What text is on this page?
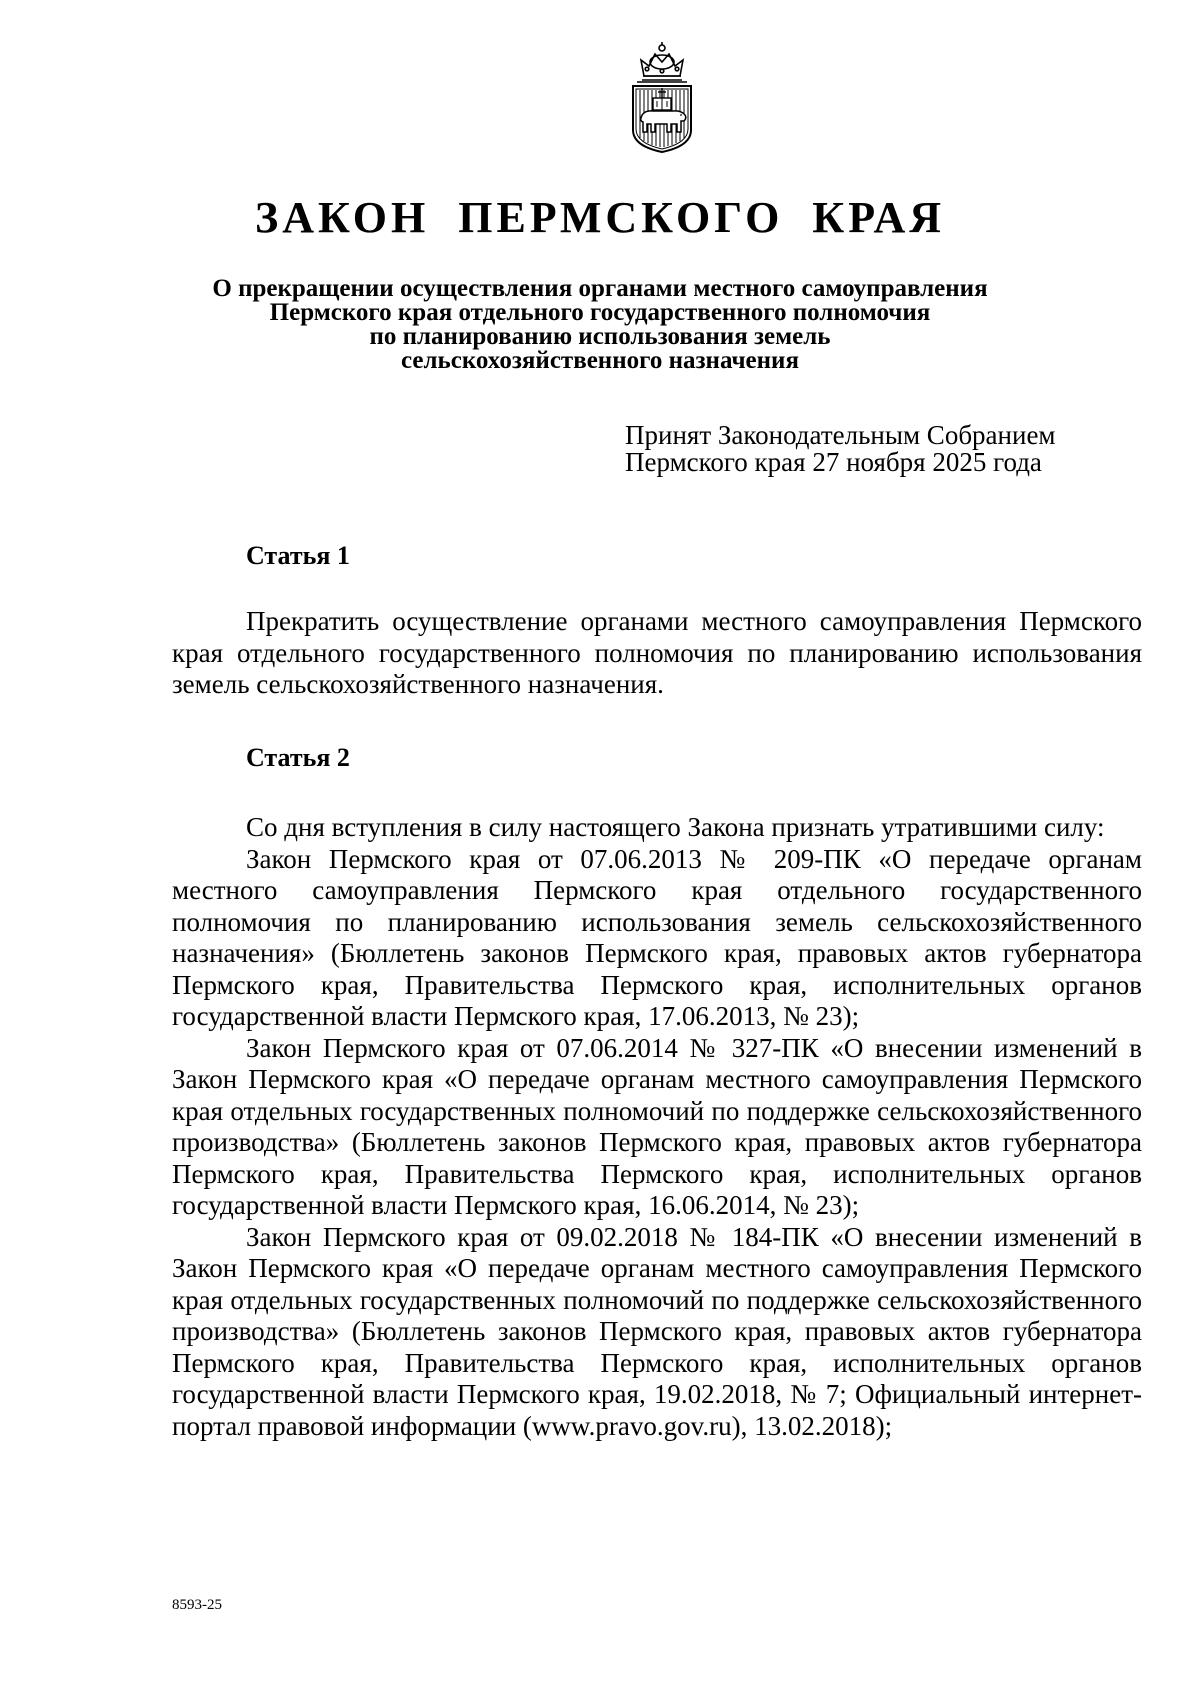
ЗАКОН ПЕРМСКОГО КРАЯ
О прекращении осуществления органами местного самоуправления
Пермского края отдельного государственного полномочия
по планированию использования земель
сельскохозяйственного назначения
Принят Законодательным Собранием
Пермского края 27 ноября 2025 года
Статья 1

Прекратить осуществление органами местного самоуправления Пермского края отдельного государственного полномочия по планированию использования земель сельскохозяйственного назначения.

Статья 2

Со дня вступления в силу настоящего Закона признать утратившими силу:

Закон Пермского края от 07.06.2013 № 209-ПК «О передаче органам местного самоуправления Пермского края отдельного государственного полномочия по планированию использования земель сельскохозяйственного назначения» (Бюллетень законов Пермского края, правовых актов губернатора Пермского края, Правительства Пермского края, исполнительных органов государственной власти Пермского края, 17.06.2013, № 23);

Закон Пермского края от 07.06.2014 № 327-ПК «О внесении изменений в Закон Пермского края «О передаче органам местного самоуправления Пермского края отдельных государственных полномочий по поддержке сельскохозяйственного производства» (Бюллетень законов Пермского края, правовых актов губернатора Пермского края, Правительства Пермского края, исполнительных органов государственной власти Пермского края, 16.06.2014, № 23);

Закон Пермского края от 09.02.2018 № 184-ПК «О внесении изменений в Закон Пермского края «О передаче органам местного самоуправления Пермского края отдельных государственных полномочий по поддержке сельскохозяйственного производства» (Бюллетень законов Пермского края, правовых актов губернатора Пермского края, Правительства Пермского края, исполнительных органов государственной власти Пермского края, 19.02.2018, № 7; Официальный интернет-портал правовой информации (www.pravo.gov.ru), 13.02.2018);

8593-25
